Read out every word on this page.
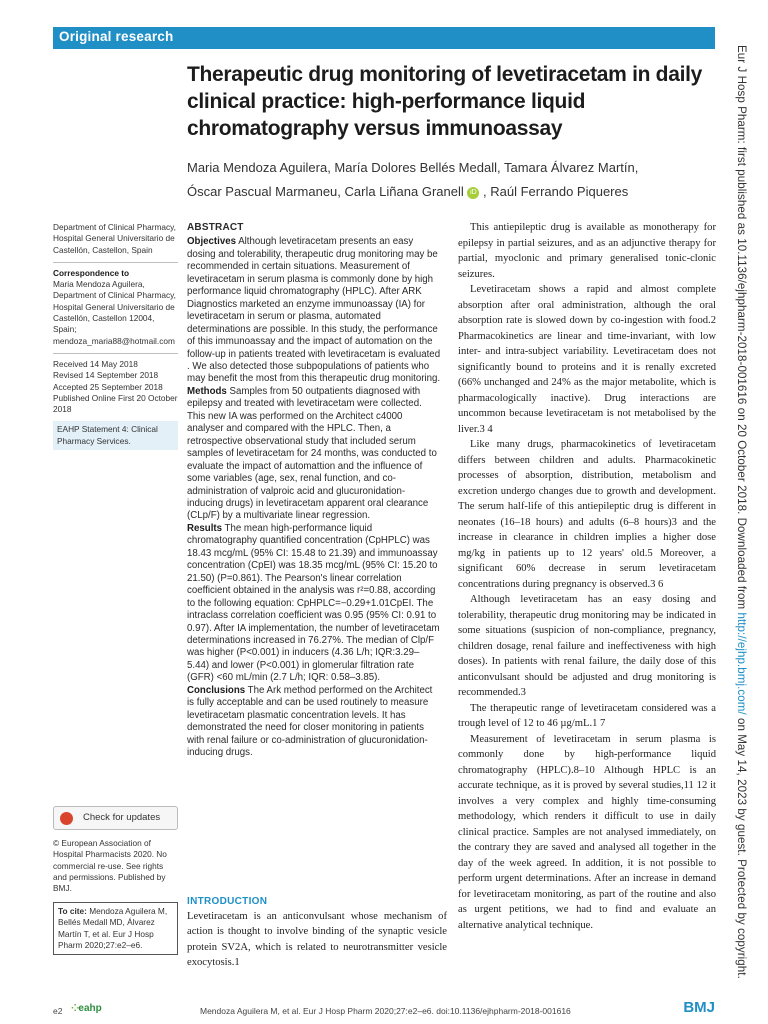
Original research
Therapeutic drug monitoring of levetiracetam in daily clinical practice: high-performance liquid chromatography versus immunoassay
Maria Mendoza Aguilera, María Dolores Bellés Medall, Tamara Álvarez Martín,
Óscar Pascual Marmaneu, Carla Liñana Granell iD , Raúl Ferrando Piqueres
Department of Clinical Pharmacy, Hospital General Universitario de Castellón, Castellon, Spain
Correspondence to
Maria Mendoza Aguilera, Department of Clinical Pharmacy, Hospital General Universitario de Castellón, Castellon 12004, Spain; mendoza_maria88@hotmail.com
Received 14 May 2018
Revised 14 September 2018
Accepted 25 September 2018
Published Online First 20 October 2018
EAHP Statement 4: Clinical Pharmacy Services.
Check for updates
© European Association of Hospital Pharmacists 2020. No commercial re-use. See rights and permissions. Published by BMJ.
To cite: Mendoza Aguilera M, Bellés Medall MD, Álvarez Martín T, et al. Eur J Hosp Pharm 2020;27:e2–e6.
ABSTRACT

Objectives Although levetiracetam presents an easy dosing and tolerability, therapeutic drug monitoring may be recommended in certain situations. Measurement of levetiracetam in serum plasma is commonly done by high performance liquid chromatography (HPLC). After ARK Diagnostics marketed an enzyme immunoassay (IA) for levetiracetam in serum or plasma, automated determinations are possible. In this study, the performance of this immunoassay and the impact of automation on the follow-up in patients treated with levetiracetam is evaluated . We also detected those subpopulations of patients who may benefit the most from this therapeutic drug monitoring.

Methods Samples from 50 outpatients diagnosed with epilepsy and treated with levetiracetam were collected. This new IA was performed on the Architect c4000 analyser and compared with the HPLC. Then, a retrospective observational study that included serum samples of levetiracetam for 24 months, was conducted to evaluate the impact of automattion and the influence of some variables (age, sex, renal function, and co-administration of valproic acid and glucuronidation-inducing drugs) in levetiracetam apparent oral clearance (CLp/F) by a multivariate linear regression.

Results The mean high-performance liquid chromatography quantified concentration (CpHPLC) was 18.43 mcg/mL (95% CI: 15.48 to 21.39) and immunoassay concentration (CpEI) was 18.35 mcg/mL (95% CI: 15.20 to 21.50) (P=0.861). The Pearson's linear correlation coefficient obtained in the analysis was r²=0.88, according to the following equation: CpHPLC=−0.29+1.01CpEI. The intraclass correlation coefficient was 0.95 (95% CI: 0.91 to 0.97). After IA implementation, the number of levetiracetam determinations increased in 76.27%. The median of Clp/F was higher (P<0.001) in inducers (4.36 L/h; IQR:3.29–5.44) and lower (P<0.001) in glomerular filtration rate (GFR) <60 mL/min (2.7 L/h; IQR: 0.58–3.85).

Conclusions The Ark method performed on the Architect is fully acceptable and can be used routinely to measure levetiracetam plasmatic concentration levels. It has demonstrated the need for closer monitoring in patients with renal failure or co-administration of glucuronidation-inducing drugs.

INTRODUCTION

Levetiracetam is an anticonvulsant whose mechanism of action is thought to involve binding of the synaptic vesicle protein SV2A, which is related to neurotransmitter vesicle exocytosis.1

This antiepileptic drug is available as monotherapy for epilepsy in partial seizures, and as an adjunctive therapy for partial, myoclonic and primary generalised tonic-clonic seizures.

Levetiracetam shows a rapid and almost complete absorption after oral administration, although the oral absorption rate is slowed down by co-ingestion with food.2 Pharmacokinetics are linear and time-invariant, with low inter- and intra-subject variability. Levetiracetam does not significantly bound to proteins and it is renally excreted (66% unchanged and 24% as the major metabolite, which is pharmacologically inactive). Drug interactions are uncommon because levetiracetam is not metabolised by the liver.3 4

Like many drugs, pharmacokinetics of levetiracetam differs between children and adults. Pharmacokinetic processes of absorption, distribution, metabolism and excretion undergo changes due to growth and development. The serum half-life of this antiepileptic drug is different in neonates (16–18 hours) and adults (6–8 hours)3 and the increase in clearance in children implies a higher dose mg/kg in patients up to 12 years' old.5 Moreover, a significant 60% decrease in serum levetiracetam concentrations during pregnancy is observed.3 6

Although levetiracetam has an easy dosing and tolerability, therapeutic drug monitoring may be indicated in some situations (suspicion of non-compliance, pregnancy, children dosage, renal failure and ineffectiveness with high doses). In patients with renal failure, the daily dose of this anticonvulsant should be adjusted and drug monitoring is recommended.3

The therapeutic range of levetiracetam considered was a trough level of 12 to 46 µg/mL.1 7

Measurement of levetiracetam in serum plasma is commonly done by high-performance liquid chromatography (HPLC).8–10 Although HPLC is an accurate technique, as it is proved by several studies,11 12 it involves a very complex and highly time-consuming methodology, which renders it difficult to use in daily clinical practice. Samples are not analysed immediately, on the contrary they are saved and analysed all together in the day of the week agreed. In addition, it is not possible to perform urgent determinations. After an increase in demand for levetiracetam monitoring, as part of the routine and also as urgent petitions, we had to find and evaluate an alternative analytical technique.

Eur J Hosp Pharm: first published as 10.1136/ejhpharm-2018-001616 on 20 October 2018. Downloaded from http://ejhp.bmj.com/ on May 14, 2023 by guest. Protected by copyright.
e2 ⁘eahp	Mendoza Aguilera M, et al. Eur J Hosp Pharm 2020;27:e2–e6. doi:10.1136/ejhpharm-2018-001616	BMJ
